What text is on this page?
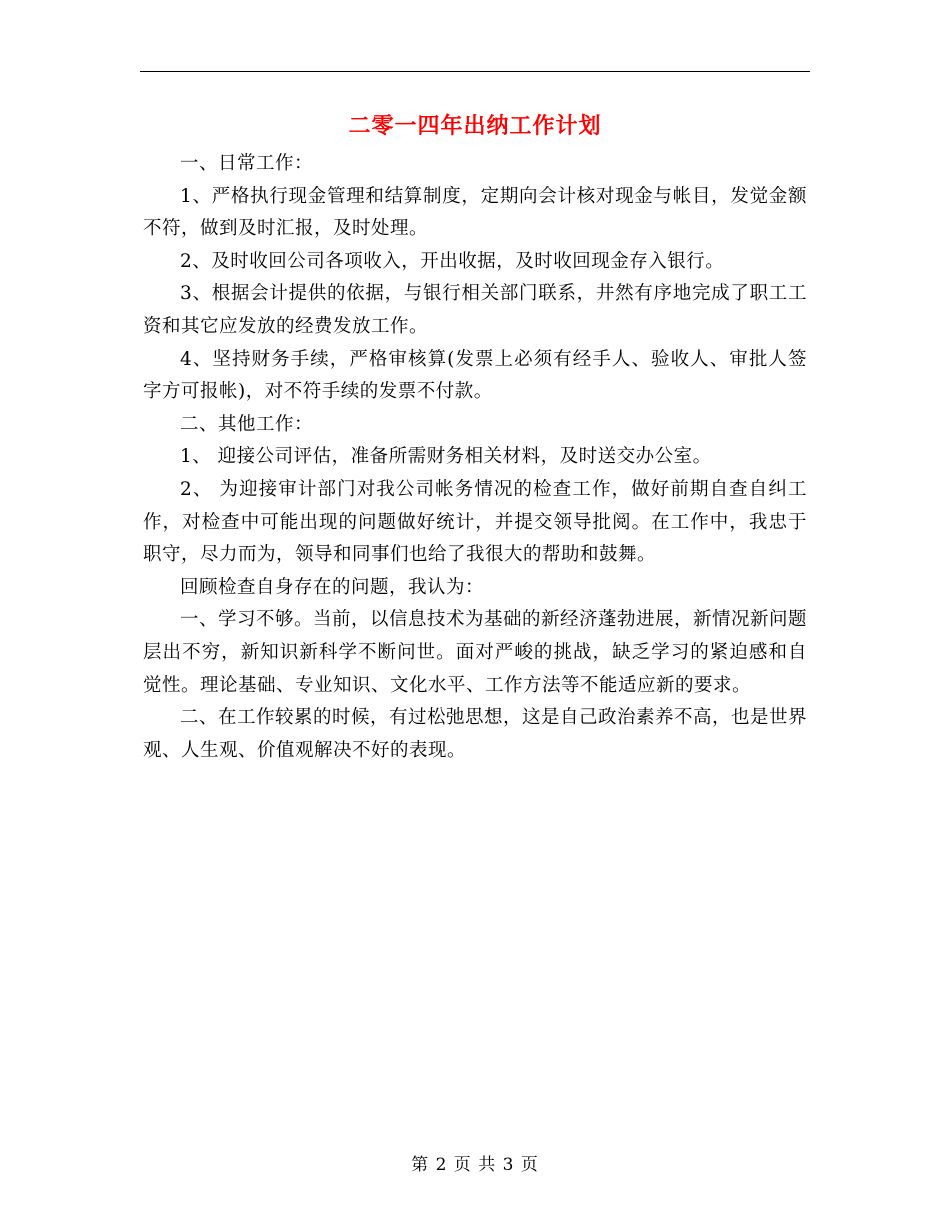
二零一四年出纳工作计划

一、日常工作：

1、严格执行现金管理和结算制度，定期向会计核对现金与帐目，发觉金额不符，做到及时汇报，及时处理。

2、及时收回公司各项收入，开出收据，及时收回现金存入银行。

3、根据会计提供的依据，与银行相关部门联系，井然有序地完成了职工工资和其它应发放的经费发放工作。

4、坚持财务手续，严格审核算(发票上必须有经手人、验收人、审批人签字方可报帐)，对不符手续的发票不付款。

二、其他工作：

1、 迎接公司评估，准备所需财务相关材料，及时送交办公室。

2、 为迎接审计部门对我公司帐务情况的检查工作，做好前期自查自纠工作，对检查中可能出现的问题做好统计，并提交领导批阅。在工作中，我忠于职守，尽力而为，领导和同事们也给了我很大的帮助和鼓舞。

回顾检查自身存在的问题，我认为：

一、学习不够。当前，以信息技术为基础的新经济蓬勃进展，新情况新问题层出不穷，新知识新科学不断问世。面对严峻的挑战，缺乏学习的紧迫感和自觉性。理论基础、专业知识、文化水平、工作方法等不能适应新的要求。

二、在工作较累的时候，有过松弛思想，这是自己政治素养不高，也是世界观、人生观、价值观解决不好的表现。

第 2 页 共 3 页
